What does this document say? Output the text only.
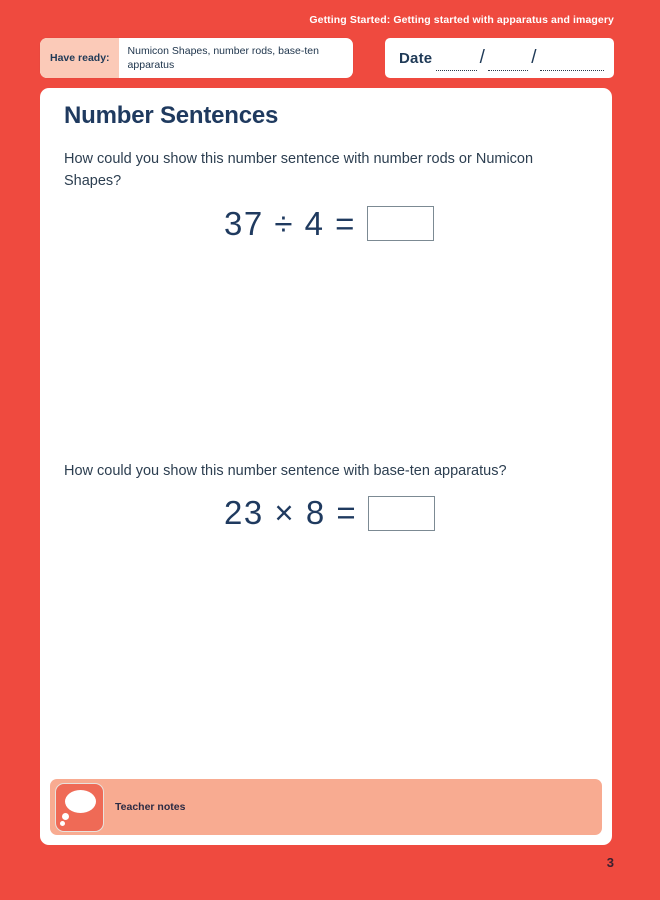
Getting Started: Getting started with apparatus and imagery
Have ready:
Numicon Shapes, number rods, base-ten apparatus	Date / /
Number Sentences
How could you show this number sentence with number rods or Numicon Shapes?
37 ÷ 4 =
How could you show this number sentence with base-ten apparatus?
23 × 8 =
Teacher notes
3
